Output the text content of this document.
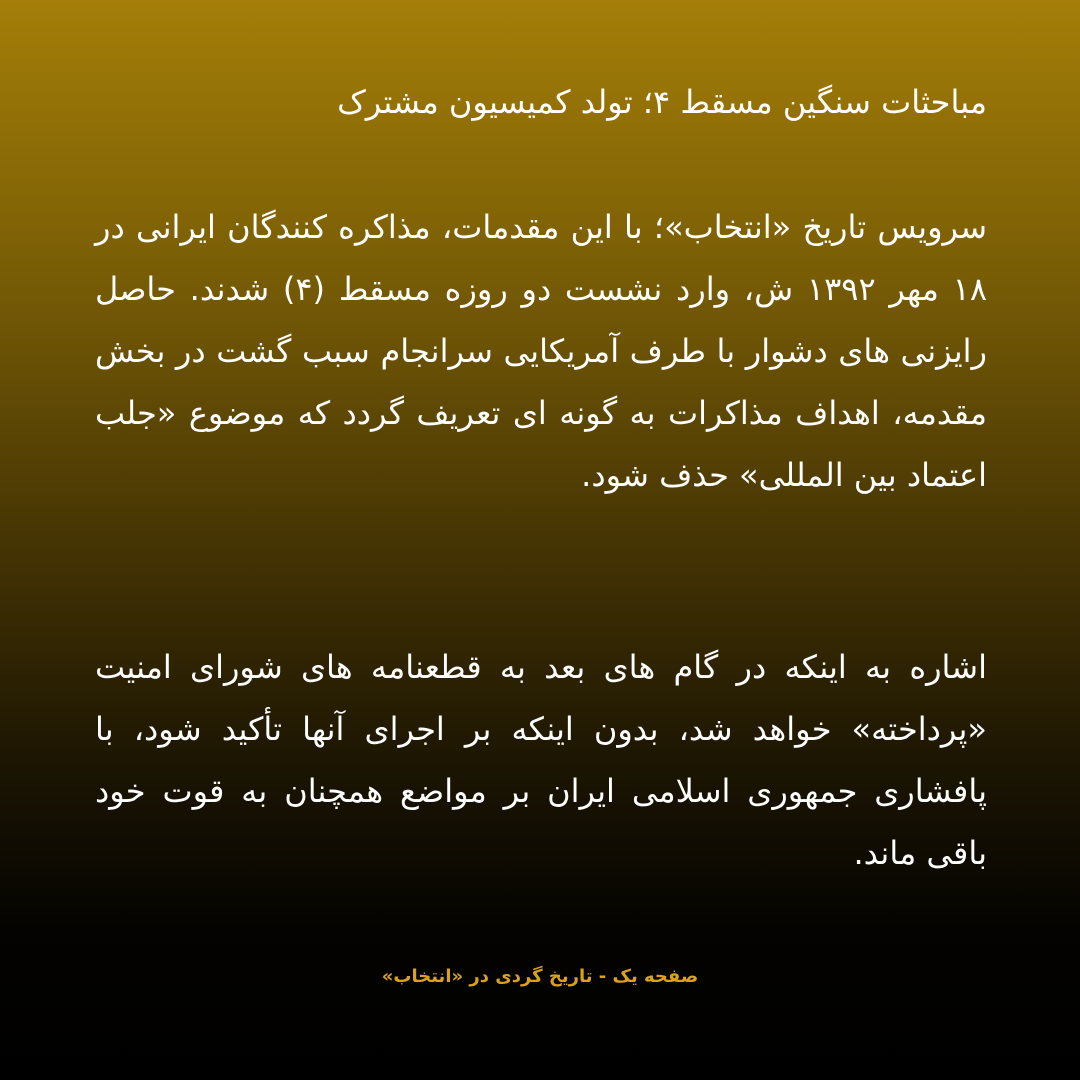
مباحثات سنگین مسقط ۴؛ تولد کمیسیون مشترک

سرویس تاریخ «انتخاب»؛ با این مقدمات، مذاکره کنندگان ایرانی در ۱۸ مهر ۱۳۹۲ ش، وارد نشست دو روزه مسقط (۴) شدند. حاصل رایزنی های دشوار با طرف آمریکایی سرانجام سبب گشت در بخش مقدمه، اهداف مذاکرات به گونه ای تعریف گردد که موضوع «جلب اعتماد بین المللی» حذف شود.

اشاره به اینکه در گام های بعد به قطعنامه های شورای امنیت «پرداخته» خواهد شد، بدون اینکه بر اجرای آنها تأکید شود، با پافشاری جمهوری اسلامی ایران بر مواضع همچنان به قوت خود باقی ماند.

صفحه یک - تاریخ گردی در «انتخاب»
